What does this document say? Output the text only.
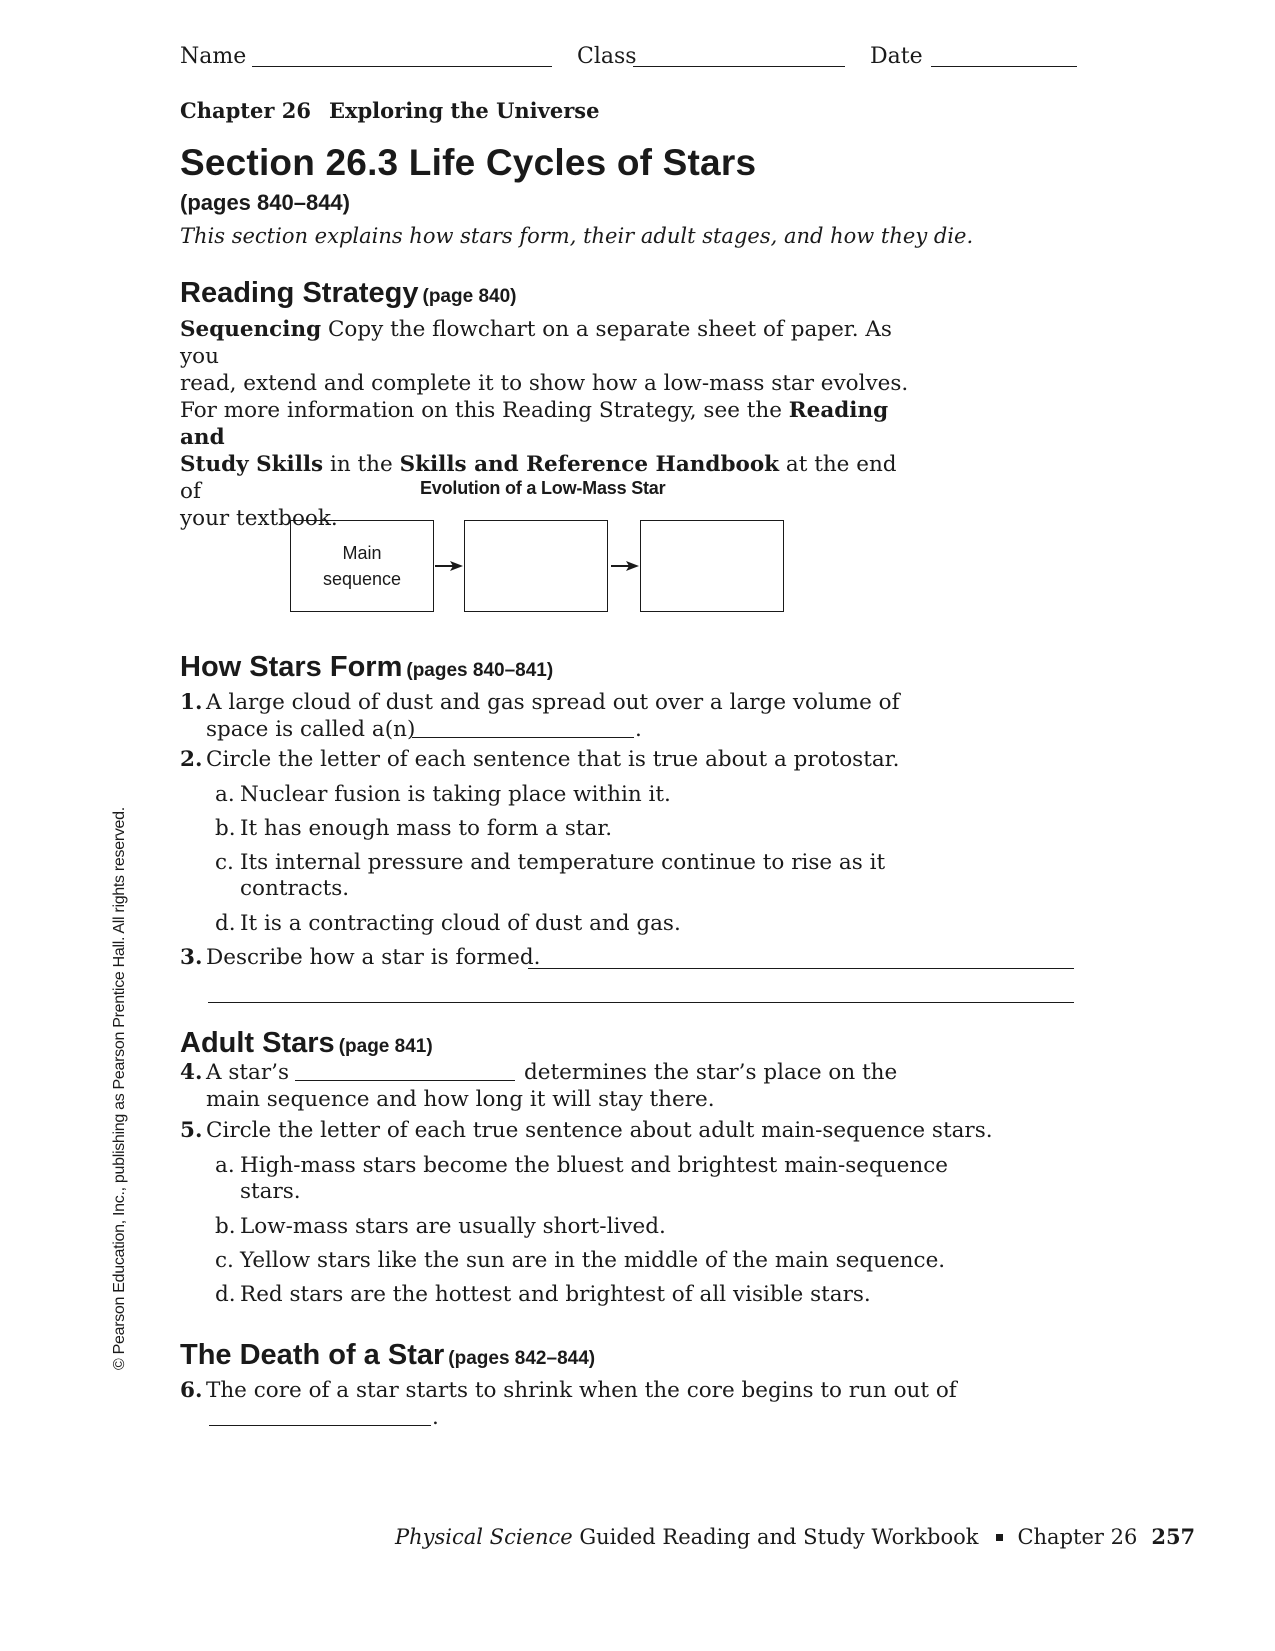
Name	Class	Date
Chapter 26 Exploring the Universe
Section 26.3 Life Cycles of Stars
(pages 840–844)
This section explains how stars form, their adult stages, and how they die.
Reading Strategy (page 840)
Sequencing Copy the flowchart on a separate sheet of paper. As you
read, extend and complete it to show how a low-mass star evolves.
For more information on this Reading Strategy, see the Reading and
Study Skills in the Skills and Reference Handbook at the end of
your textbook.
Evolution of a Low-Mass Star
Main
sequence
How Stars Form (pages 840–841)
1. A large cloud of dust and gas spread out over a large volume of
space is called a(n)	.
2. Circle the letter of each sentence that is true about a protostar.
a. Nuclear fusion is taking place within it.
b. It has enough mass to form a star.
c. Its internal pressure and temperature continue to rise as it
contracts.
d. It is a contracting cloud of dust and gas.
3. Describe how a star is formed.
Adult Stars (page 841)
4. A star’s	determines the star’s place on the
main sequence and how long it will stay there.
5. Circle the letter of each true sentence about adult main-sequence stars.
a. High-mass stars become the bluest and brightest main-sequence
stars.
b. Low-mass stars are usually short-lived.
c. Yellow stars like the sun are in the middle of the main sequence.
d. Red stars are the hottest and brightest of all visible stars.
The Death of a Star (pages 842–844)
6. The core of a star starts to shrink when the core begins to run out of
.
© Pearson Education, Inc., publishing as Pearson Prentice Hall. All rights reserved.
Physical Science Guided Reading and Study Workbook Chapter 26 257
